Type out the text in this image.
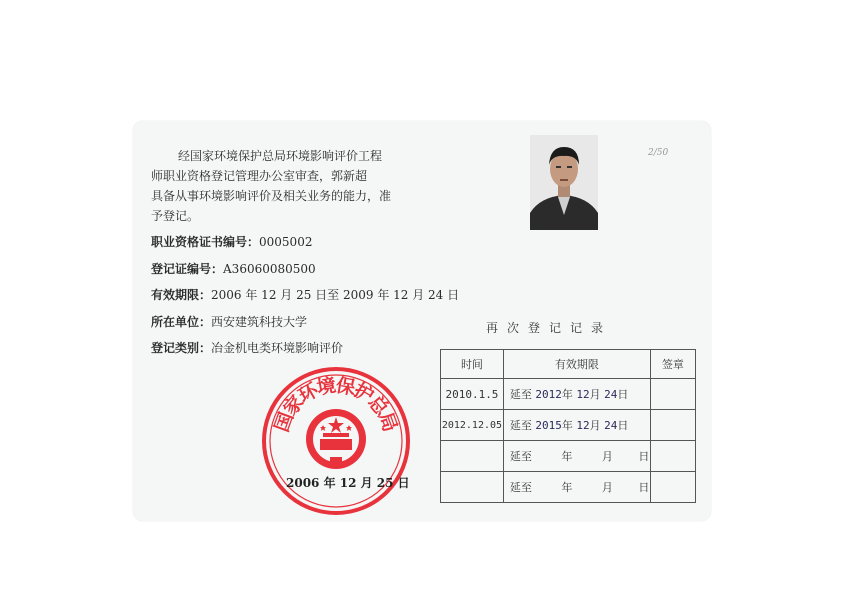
经国家环境保护总局环境影响评价工程
师职业资格登记管理办公室审查，郭新超
具备从事环境影响评价及相关业务的能力，准
予登记。
职业资格证书编号：0005002
登记证编号：A36060080500
有效期限：2006 年 12 月 25 日至 2009 年 12 月 24 日
所在单位：西安建筑科技大学
登记类别：冶金机电类环境影响评价
2/50
再次登记记录
时间	有效期限	签章
2010.1.5	延至 2012年 12月 24日	
2012.12.05	延至 2015年 12月 24日	
	延至 年 月 日	
	延至 年 月 日	
国
家
环
境
保
护
总
局
2006 年 12 月 25 日
